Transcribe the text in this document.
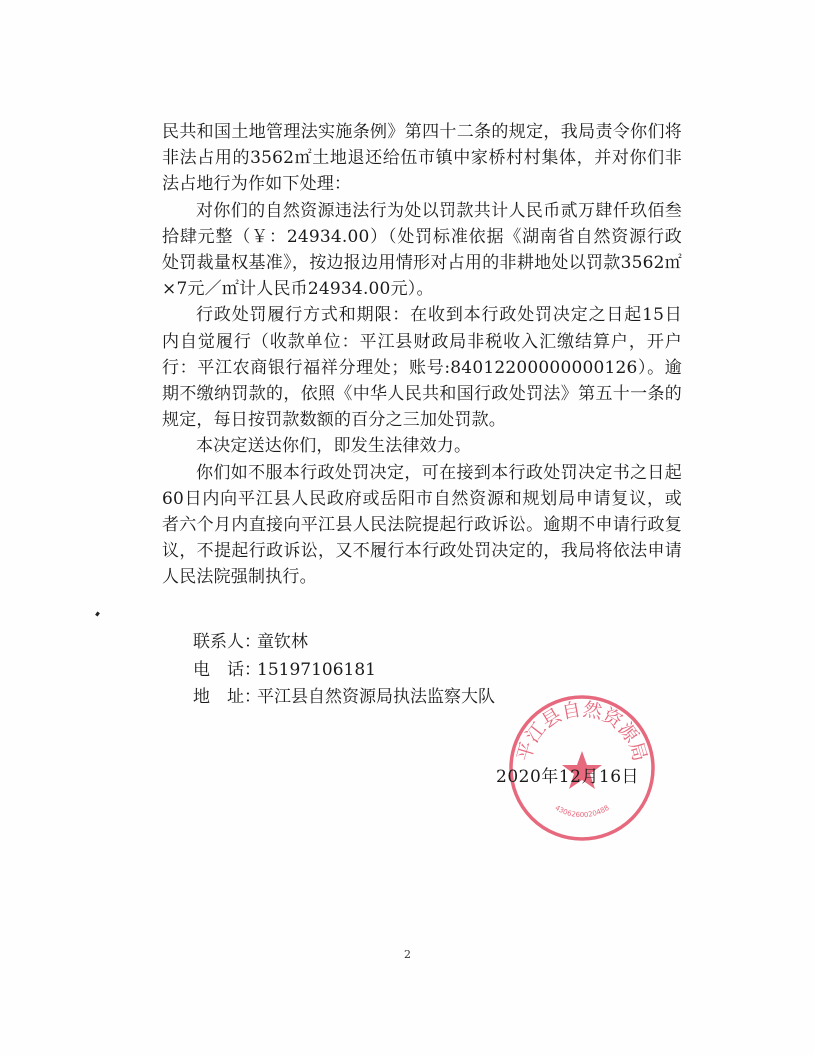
民共和国土地管理法实施条例》第四十二条的规定，我局责令你们将非法占用的3562㎡土地退还给伍市镇中家桥村村集体，并对你们非法占地行为作如下处理：

对你们的自然资源违法行为处以罚款共计人民币贰万肆仟玖佰叁拾肆元整（￥：24934.00）（处罚标准依据《湖南省自然资源行政处罚裁量权基准》，按边报边用情形对占用的非耕地处以罚款3562㎡×7元／㎡计人民币24934.00元）。

行政处罚履行方式和期限：在收到本行政处罚决定之日起15日内自觉履行（收款单位：平江县财政局非税收入汇缴结算户，开户行：平江农商银行福祥分理处；账号:84012200000000126）。逾期不缴纳罚款的，依照《中华人民共和国行政处罚法》第五十一条的规定，每日按罚款数额的百分之三加处罚款。

本决定送达你们，即发生法律效力。

你们如不服本行政处罚决定，可在接到本行政处罚决定书之日起60日内向平江县人民政府或岳阳市自然资源和规划局申请复议，或者六个月内直接向平江县人民法院提起行政诉讼。逾期不申请行政复议，不提起行政诉讼，又不履行本行政处罚决定的，我局将依法申请人民法院强制执行。

联系人：童钦林
电　话：15197106181
地　址：平江县自然资源局执法监察大队
平江县自然资源局
4306260020488
2020年12月16日
2
